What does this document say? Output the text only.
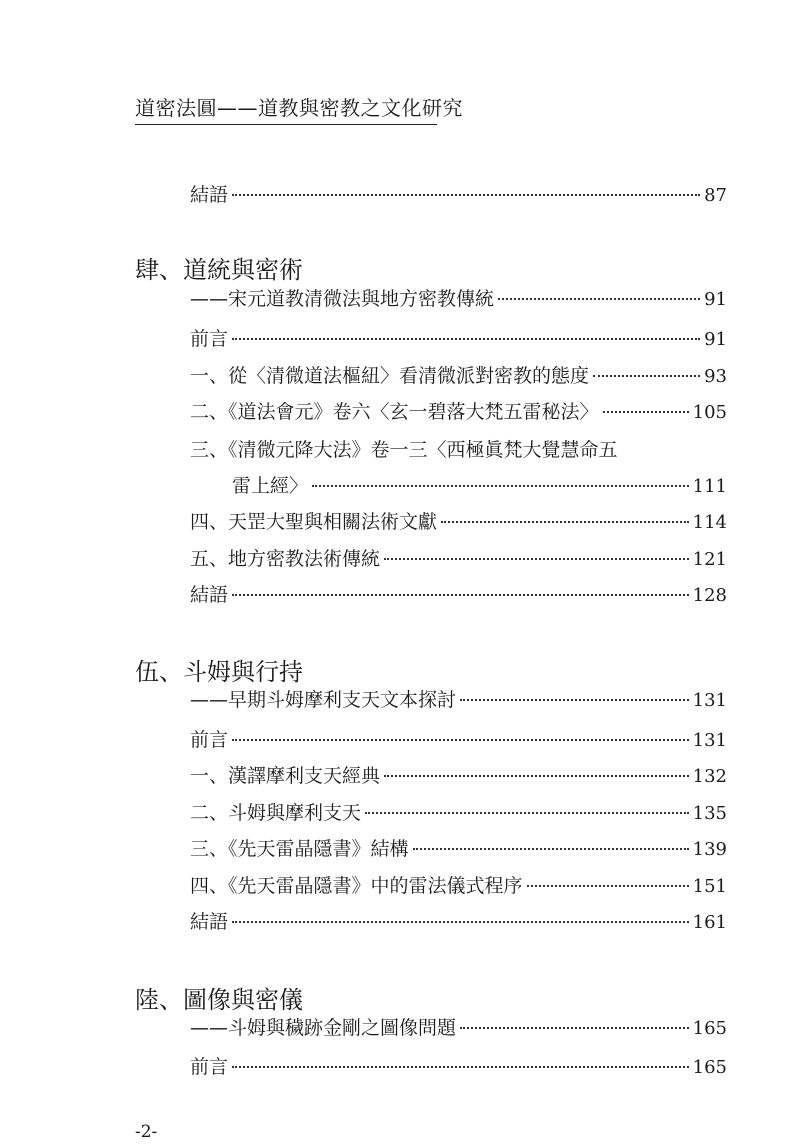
道密法圓——道教與密教之文化研究
結語	87
肆、道統與密術
——宋元道教清微法與地方密教傳統	91
前言	91
一、從〈清微道法樞紐〉看清微派對密教的態度	93
二、《道法會元》卷六〈玄一碧落大梵五雷秘法〉	105
三、《清微元降大法》卷一三〈西極眞梵大覺慧命五
雷上經〉	111
四、天罡大聖與相關法術文獻	114
五、地方密教法術傳統	121
結語	128
伍、斗姆與行持
——早期斗姆摩利支天文本探討	131
前言	131
一、漢譯摩利支天經典	132
二、斗姆與摩利支天	135
三、《先天雷晶隱書》結構	139
四、《先天雷晶隱書》中的雷法儀式程序	151
結語	161
陸、圖像與密儀
——斗姆與穢跡金剛之圖像問題	165
前言	165
-2-
